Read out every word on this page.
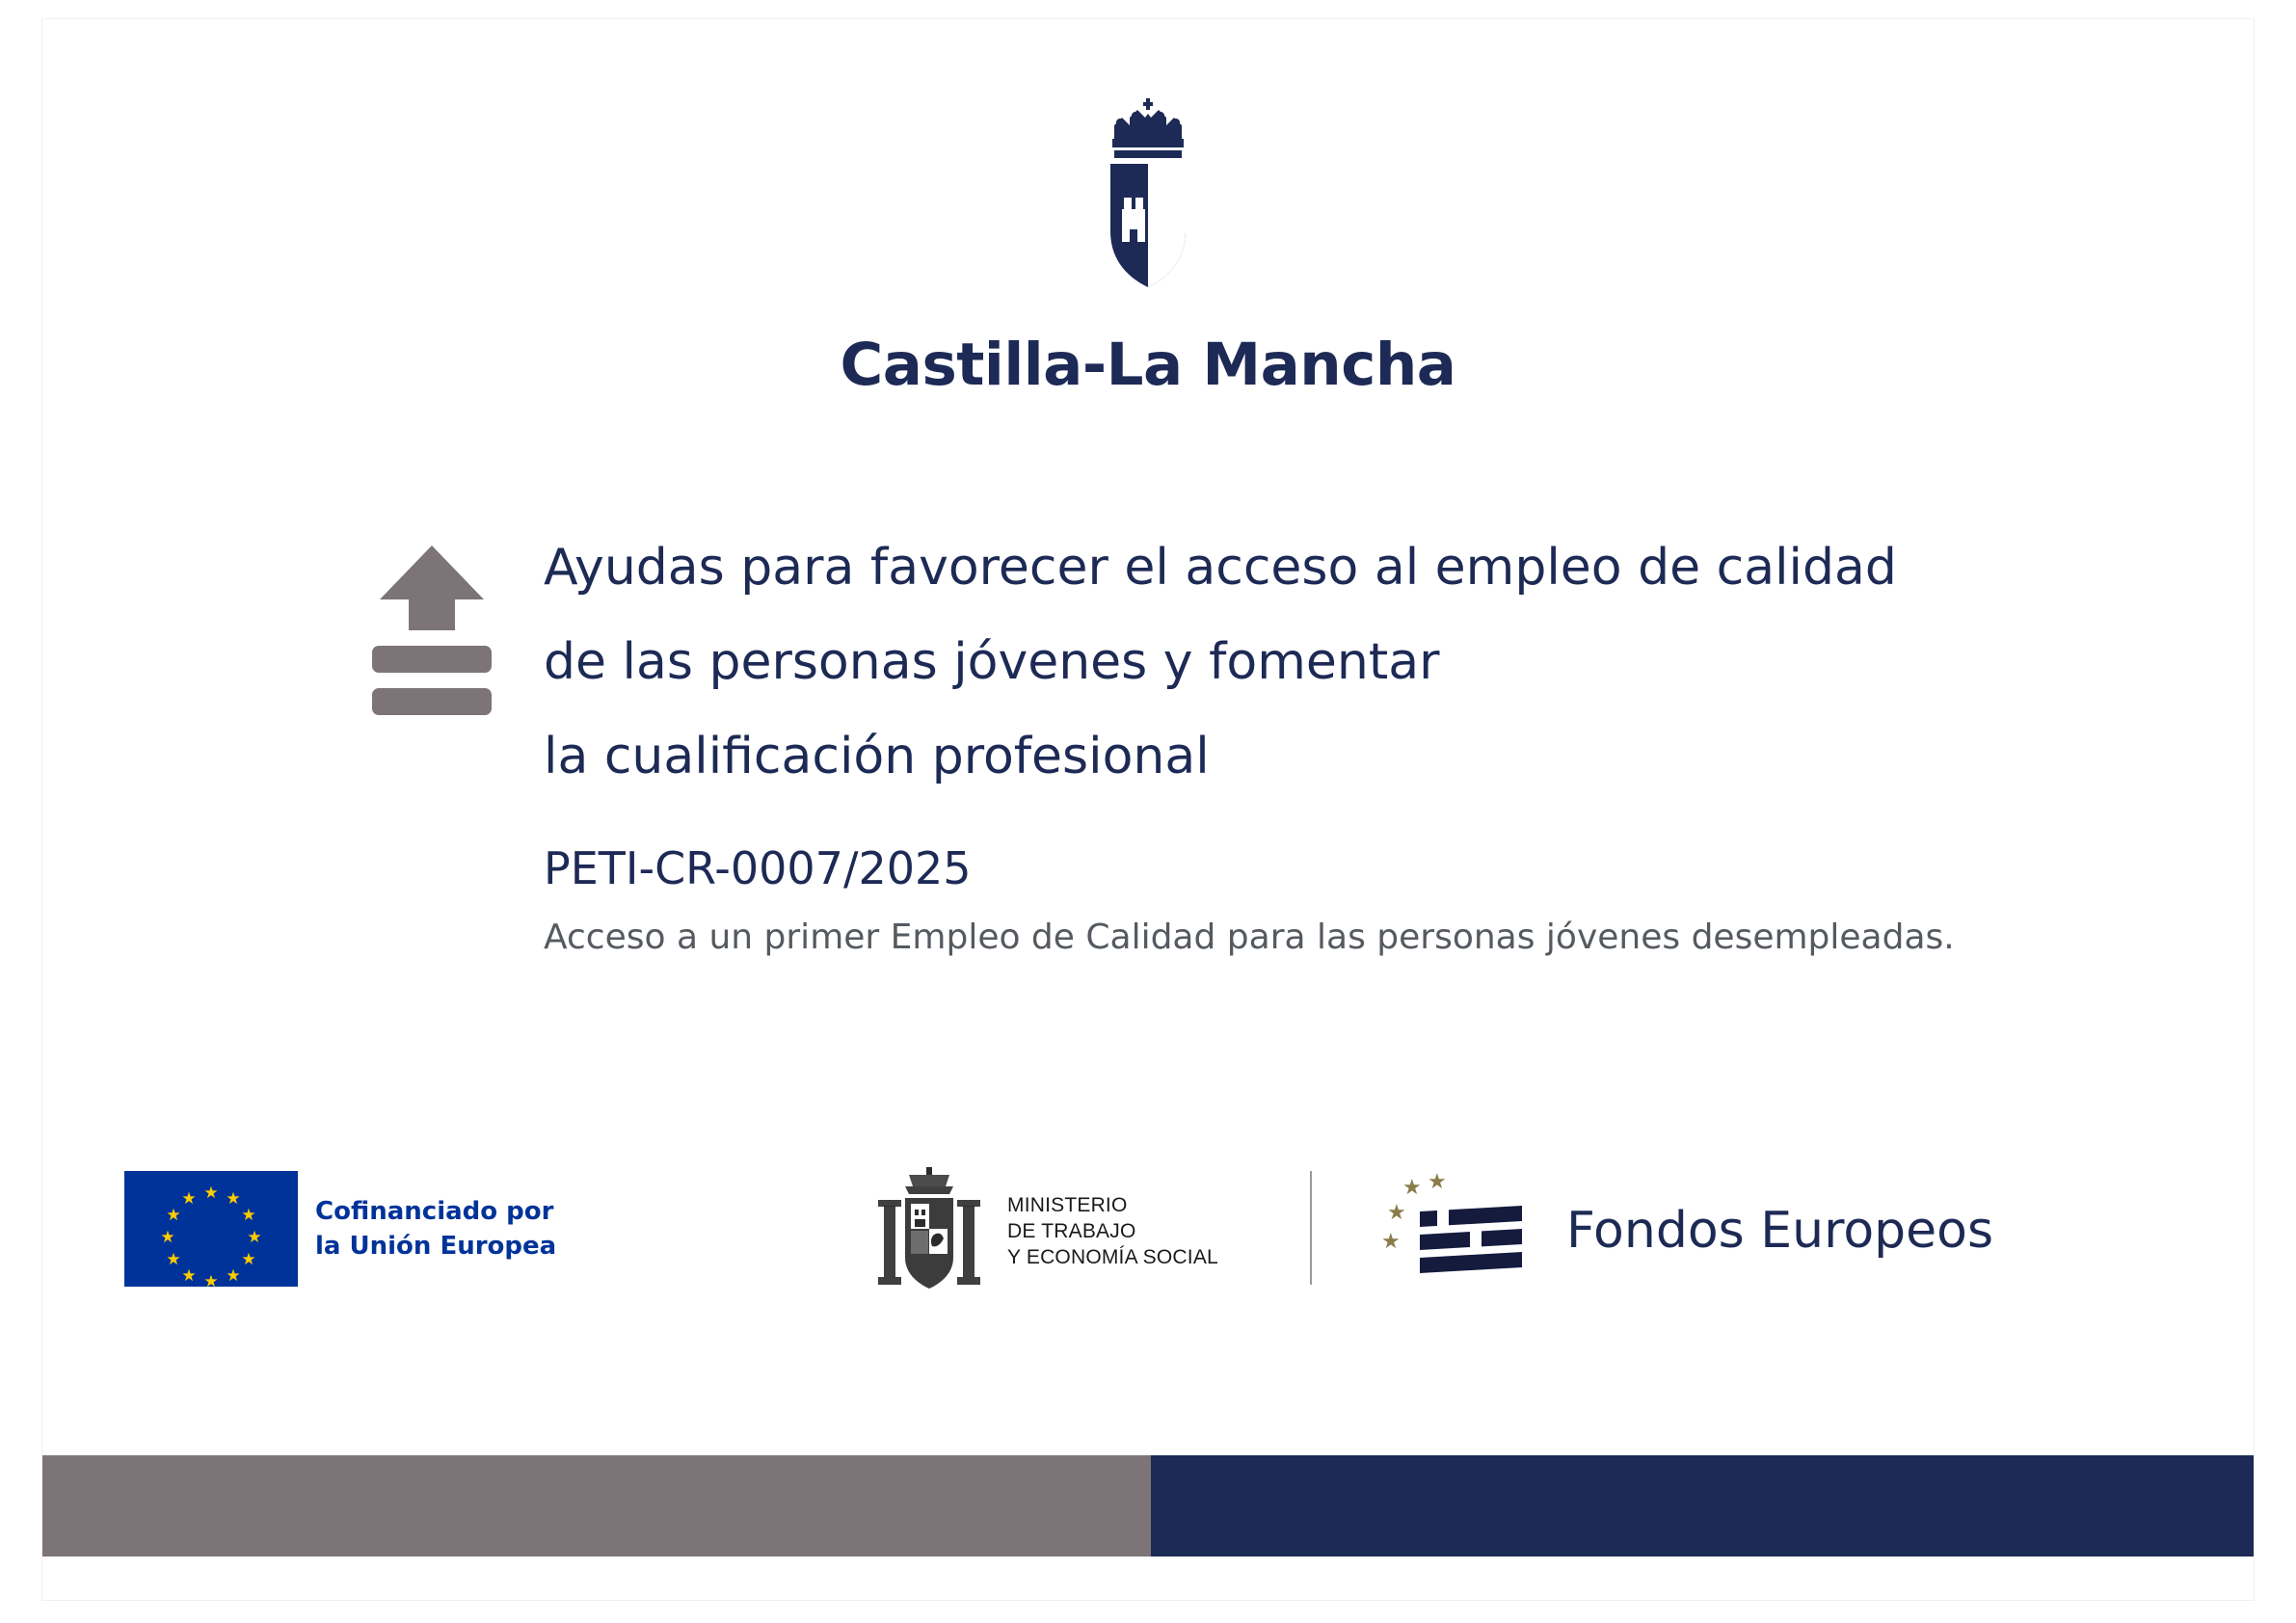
Castilla-La Mancha
Ayudas para favorecer el acceso al empleo de calidad
de las personas jóvenes y fomentar
la cualificación profesional
PETI-CR-0007/2025
Acceso a un primer Empleo de Calidad para las personas jóvenes desempleadas.
★ ★
★
★
★
★
★
★
★
★
★
★	Cofinanciado por
la Unión Europea
MINISTERIO
DE TRABAJO
Y ECONOMÍA SOCIAL
★ ★
★
★	Fondos Europeos
